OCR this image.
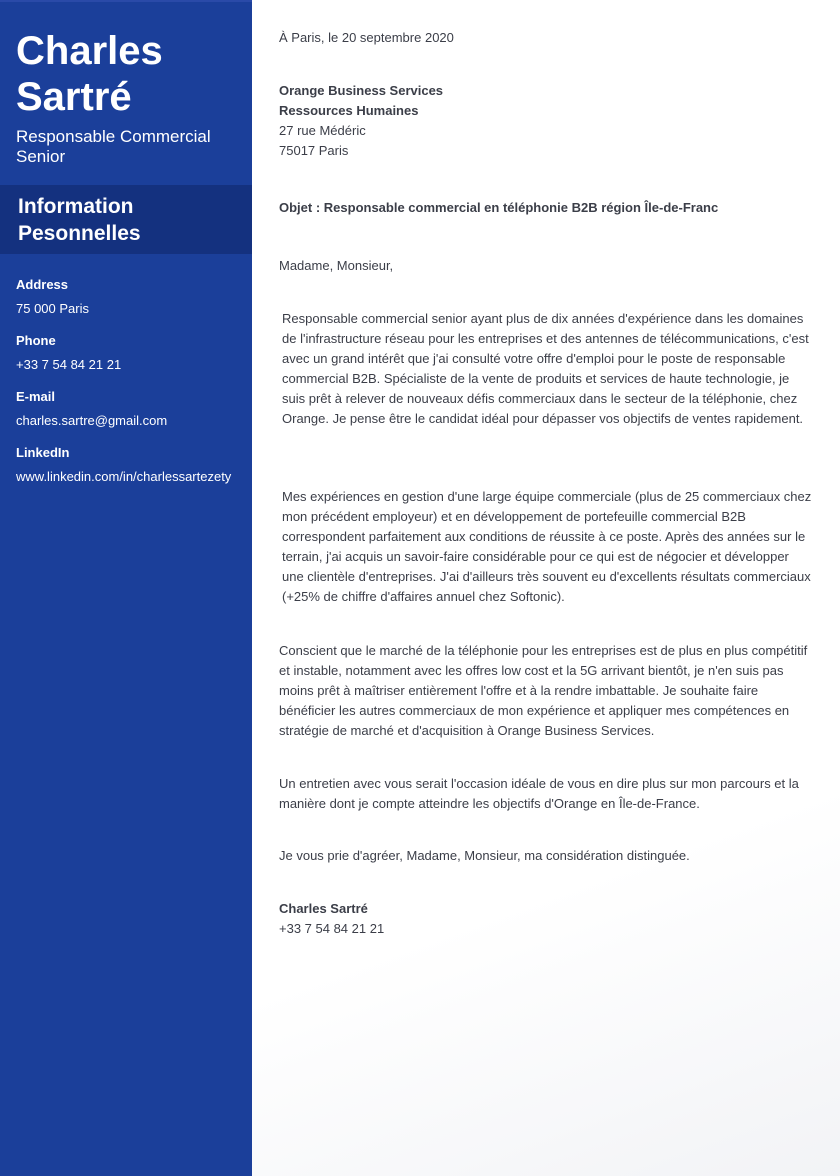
Charles Sartré
Responsable Commercial Senior
Information Pesonnelles
Address
75 000 Paris
Phone
+33 7 54 84 21 21
E-mail
charles.sartre@gmail.com
LinkedIn
www.linkedin.com/in/charlessartezety

À Paris, le 20 septembre 2020

Orange Business Services
Ressources Humaines
27 rue Médéric
75017 Paris

Objet : Responsable commercial en téléphonie B2B région Île-de-Franc

Madame, Monsieur,

Responsable commercial senior ayant plus de dix années d'expérience dans les domaines de l'infrastructure réseau pour les entreprises et des antennes de télécommunications, c'est avec un grand intérêt que j'ai consulté votre offre d'emploi pour le poste de responsable commercial B2B. Spécialiste de la vente de produits et services de haute technologie, je suis prêt à relever de nouveaux défis commerciaux dans le secteur de la téléphonie, chez Orange. Je pense être le candidat idéal pour dépasser vos objectifs de ventes rapidement.

Mes expériences en gestion d'une large équipe commerciale (plus de 25 commerciaux chez mon précédent employeur) et en développement de portefeuille commercial B2B correspondent parfaitement aux conditions de réussite à ce poste. Après des années sur le terrain, j'ai acquis un savoir-faire considérable pour ce qui est de négocier et développer une clientèle d'entreprises. J'ai d'ailleurs très souvent eu d'excellents résultats commerciaux (+25% de chiffre d'affaires annuel chez Softonic).

Conscient que le marché de la téléphonie pour les entreprises est de plus en plus compétitif et instable, notamment avec les offres low cost et la 5G arrivant bientôt, je n'en suis pas moins prêt à maîtriser entièrement l'offre et à la rendre imbattable. Je souhaite faire bénéficier les autres commerciaux de mon expérience et appliquer mes compétences en stratégie de marché et d'acquisition à Orange Business Services.

Un entretien avec vous serait l'occasion idéale de vous en dire plus sur mon parcours et la manière dont je compte atteindre les objectifs d'Orange en Île-de-France.

Je vous prie d'agréer, Madame, Monsieur, ma considération distinguée.

Charles Sartré
+33 7 54 84 21 21
